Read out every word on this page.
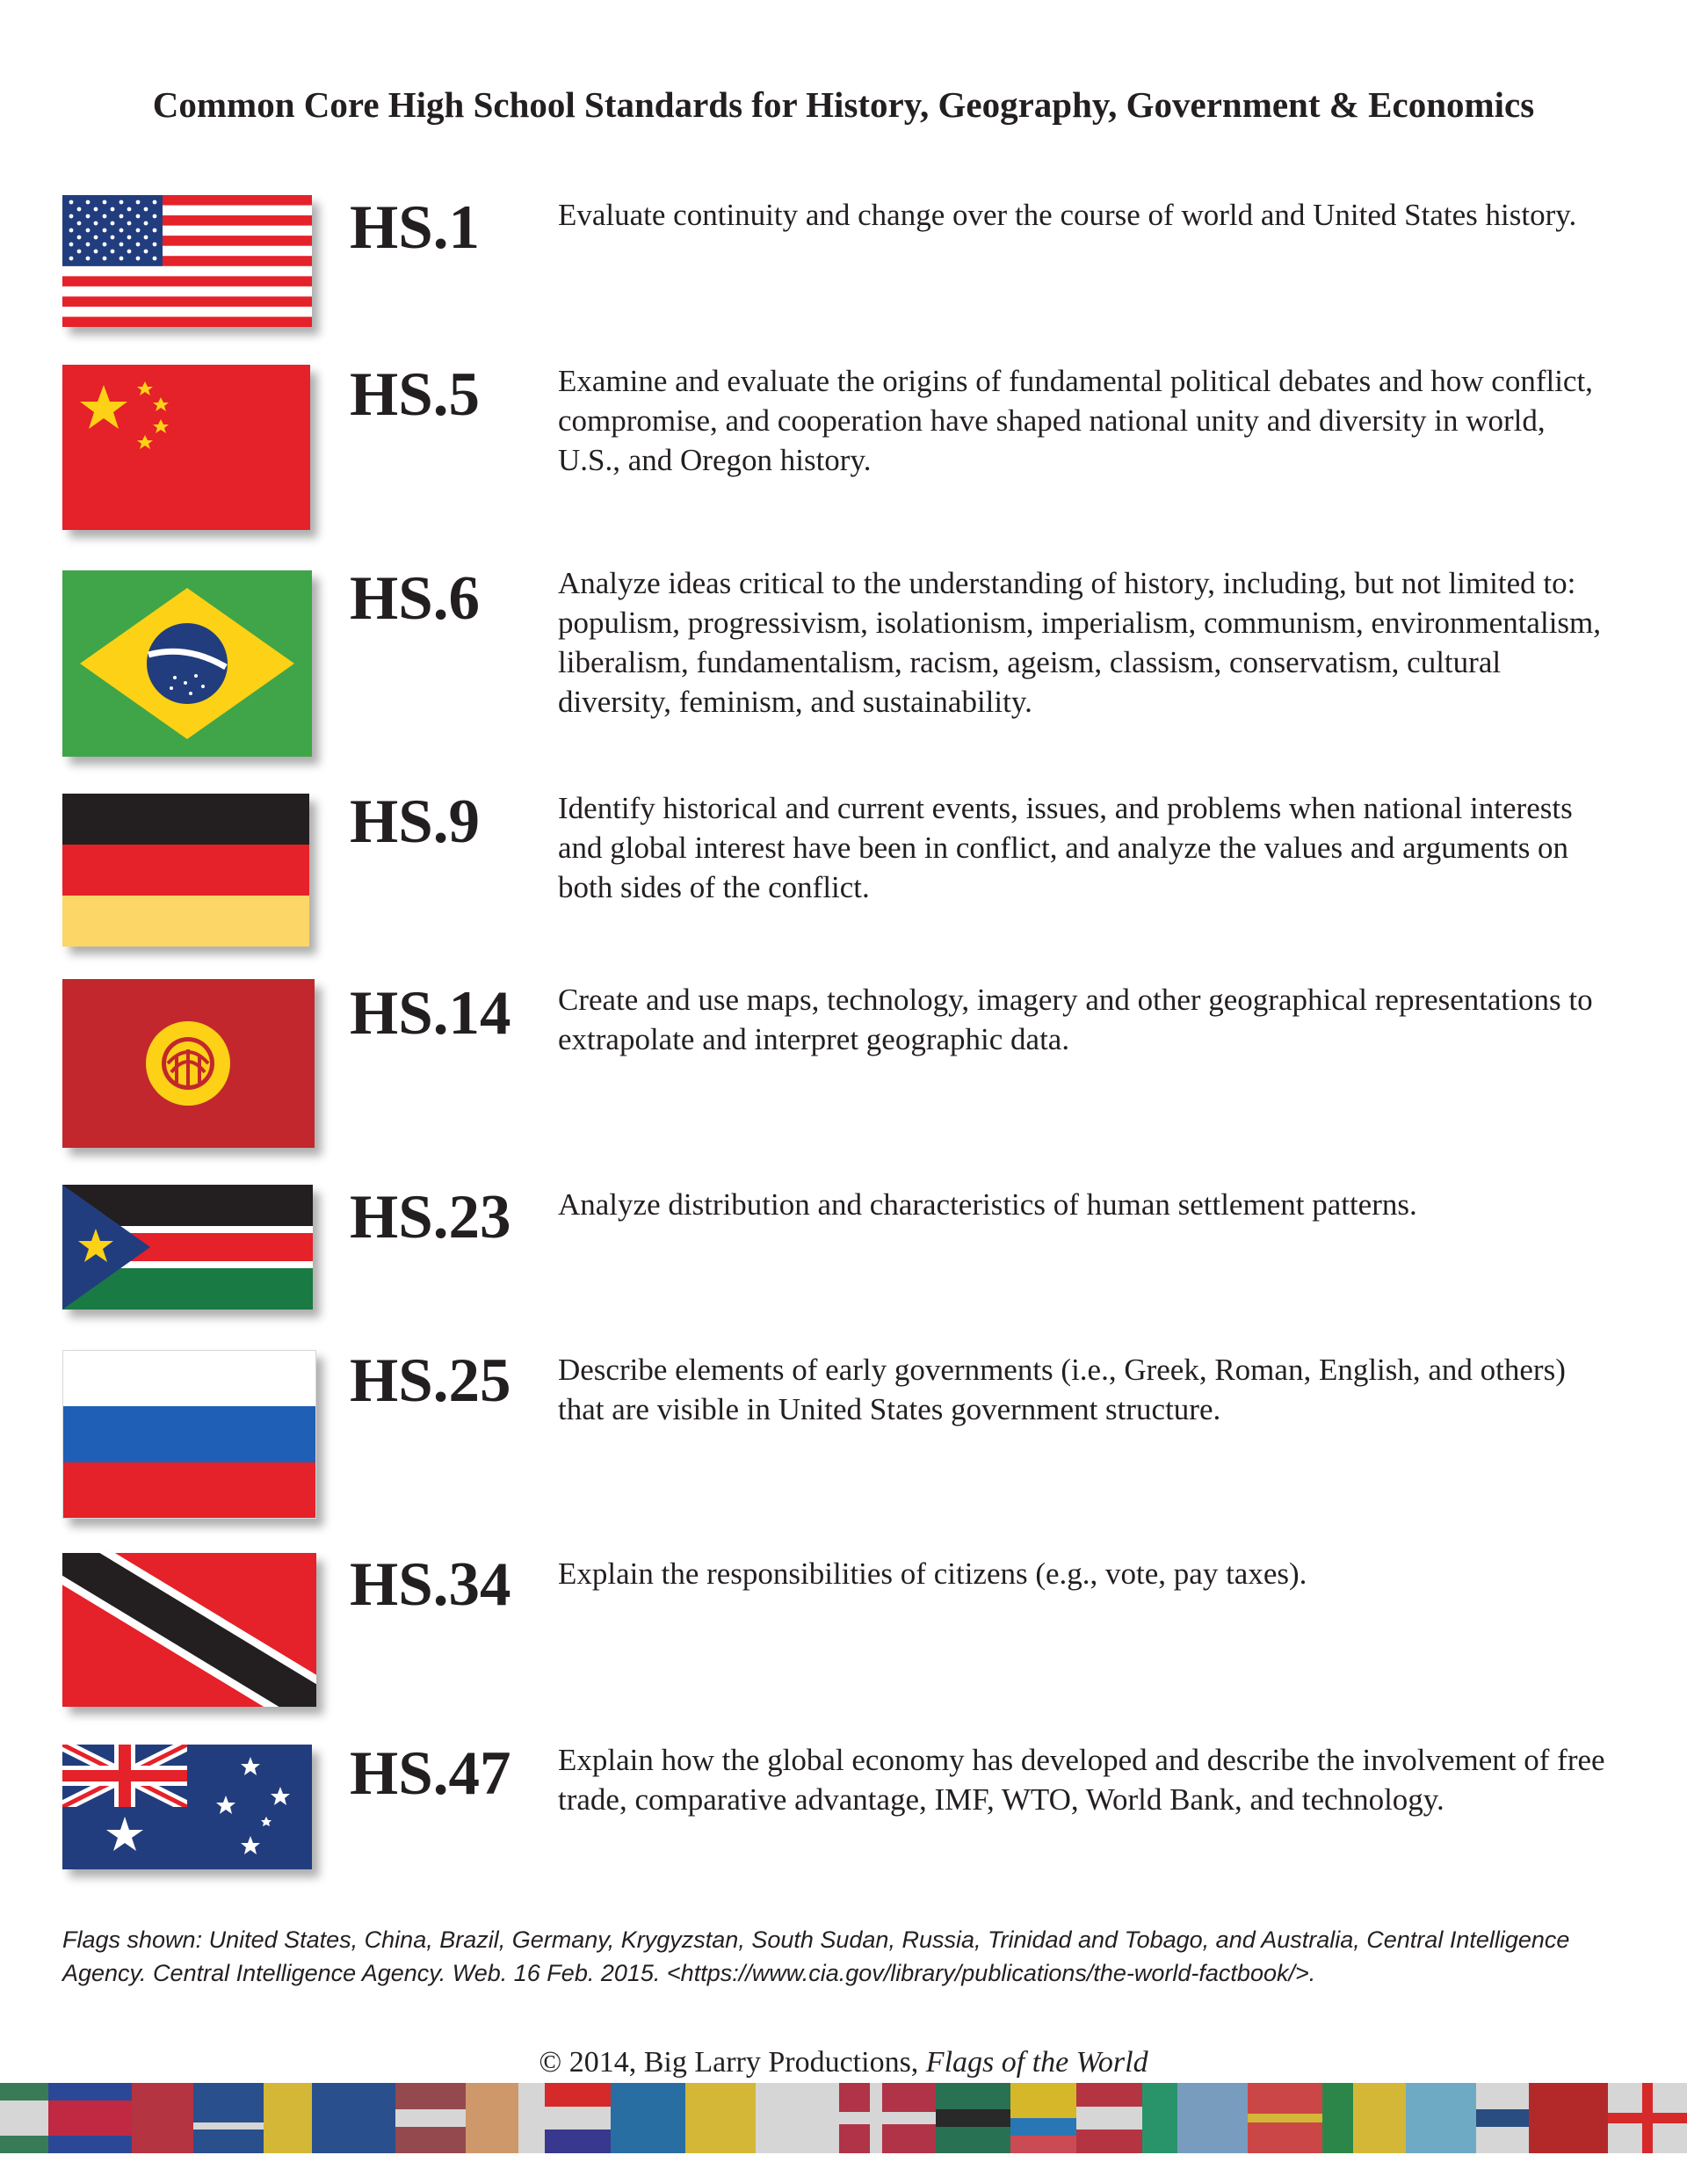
Common Core High School Standards for History, Geography, Government & Economics
HS.1	Evaluate continuity and change over the course of world and United States history.
HS.5	Examine and evaluate the origins of fundamental political debates and how conflict, compromise, and cooperation have shaped national unity and diversity in world, U.S., and Oregon history.
HS.6	Analyze ideas critical to the understanding of history, including, but not limited to: populism, progressivism, isolationism, imperialism, communism, environmentalism, liberalism, fundamentalism, racism, ageism, classism, conservatism, cultural diversity, feminism, and sustainability.
HS.9	Identify historical and current events, issues, and problems when national interests and global interest have been in conflict, and analyze the values and arguments on both sides of the conflict.
HS.14 Create and use maps, technology, imagery and other geographical representations to extrapolate and interpret geographic data.
HS.23 Analyze distribution and characteristics of human settlement patterns.
HS.25 Describe elements of early governments (i.e., Greek, Roman, English, and others) that are visible in United States government structure.
HS.34 Explain the responsibilities of citizens (e.g., vote, pay taxes).
HS.47 Explain how the global economy has developed and describe the involvement of free trade, comparative advantage, IMF, WTO, World Bank, and technology.
Flags shown: United States, China, Brazil, Germany, Krygyzstan, South Sudan, Russia, Trinidad and Tobago, and Australia, Central Intelligence Agency. Central Intelligence Agency. Web. 16 Feb. 2015. <https://www.cia.gov/library/publications/the-world-factbook/>.
© 2014, Big Larry Productions, Flags of the World
